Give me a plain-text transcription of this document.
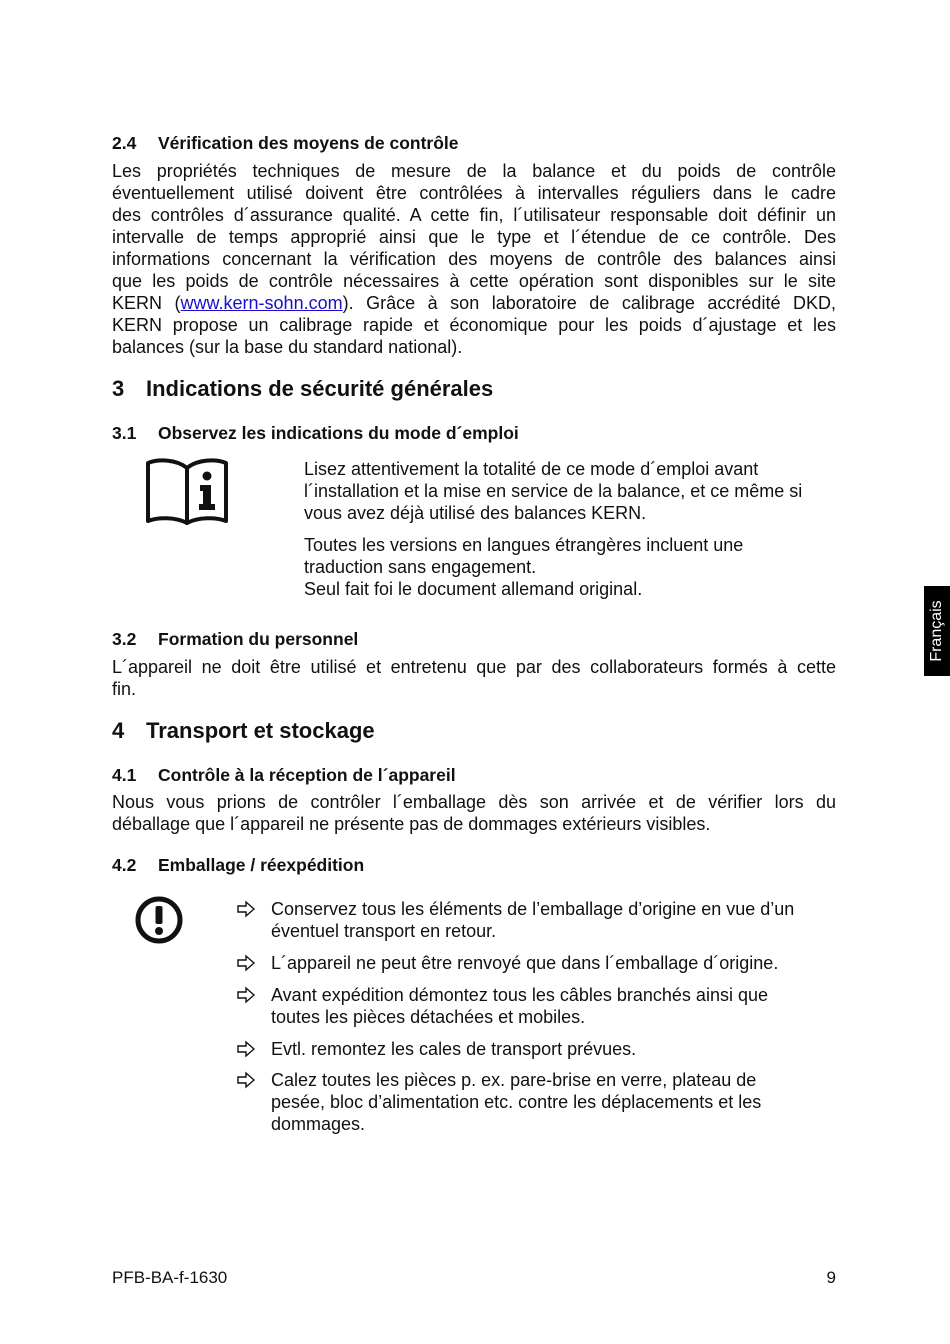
2.4 Vérification des moyens de contrôle
Les propriétés techniques de mesure de la balance et du poids de contrôle
éventuellement utilisé doivent être contrôlées à intervalles réguliers dans le cadre
des contrôles d´assurance qualité. A cette fin, l´utilisateur responsable doit définir un
intervalle de temps approprié ainsi que le type et l´étendue de ce contrôle. Des
informations concernant la vérification des moyens de contrôle des balances ainsi
que les poids de contrôle nécessaires à cette opération sont disponibles sur le site
KERN (www.kern-sohn.com). Grâce à son laboratoire de calibrage accrédité DKD,
KERN propose un calibrage rapide et économique pour les poids d´ajustage et les
balances (sur la base du standard national).
3 Indications de sécurité générales
3.1 Observez les indications du mode d´emploi
Lisez attentivement la totalité de ce mode d´emploi avant
l´installation et la mise en service de la balance, et ce même si
vous avez déjà utilisé des balances KERN.
Toutes les versions en langues étrangères incluent une
traduction sans engagement.
Seul fait foi le document allemand original.
3.2 Formation du personnel
L´appareil ne doit être utilisé et entretenu que par des collaborateurs formés à cette
fin.
4 Transport et stockage
4.1 Contrôle à la réception de l´appareil
Nous vous prions de contrôler l´emballage dès son arrivée et de vérifier lors du
déballage que l´appareil ne présente pas de dommages extérieurs visibles.
4.2 Emballage / réexpédition
Conservez tous les éléments de l’emballage d’origine en vue d’un
éventuel transport en retour.
L´appareil ne peut être renvoyé que dans l´emballage d´origine.
Avant expédition démontez tous les câbles branchés ainsi que
toutes les pièces détachées et mobiles.
Evtl. remontez les cales de transport prévues.
Calez toutes les pièces p. ex. pare-brise en verre, plateau de
pesée, bloc d’alimentation etc. contre les déplacements et les
dommages.
Français
PFB-BA-f-1630	9
